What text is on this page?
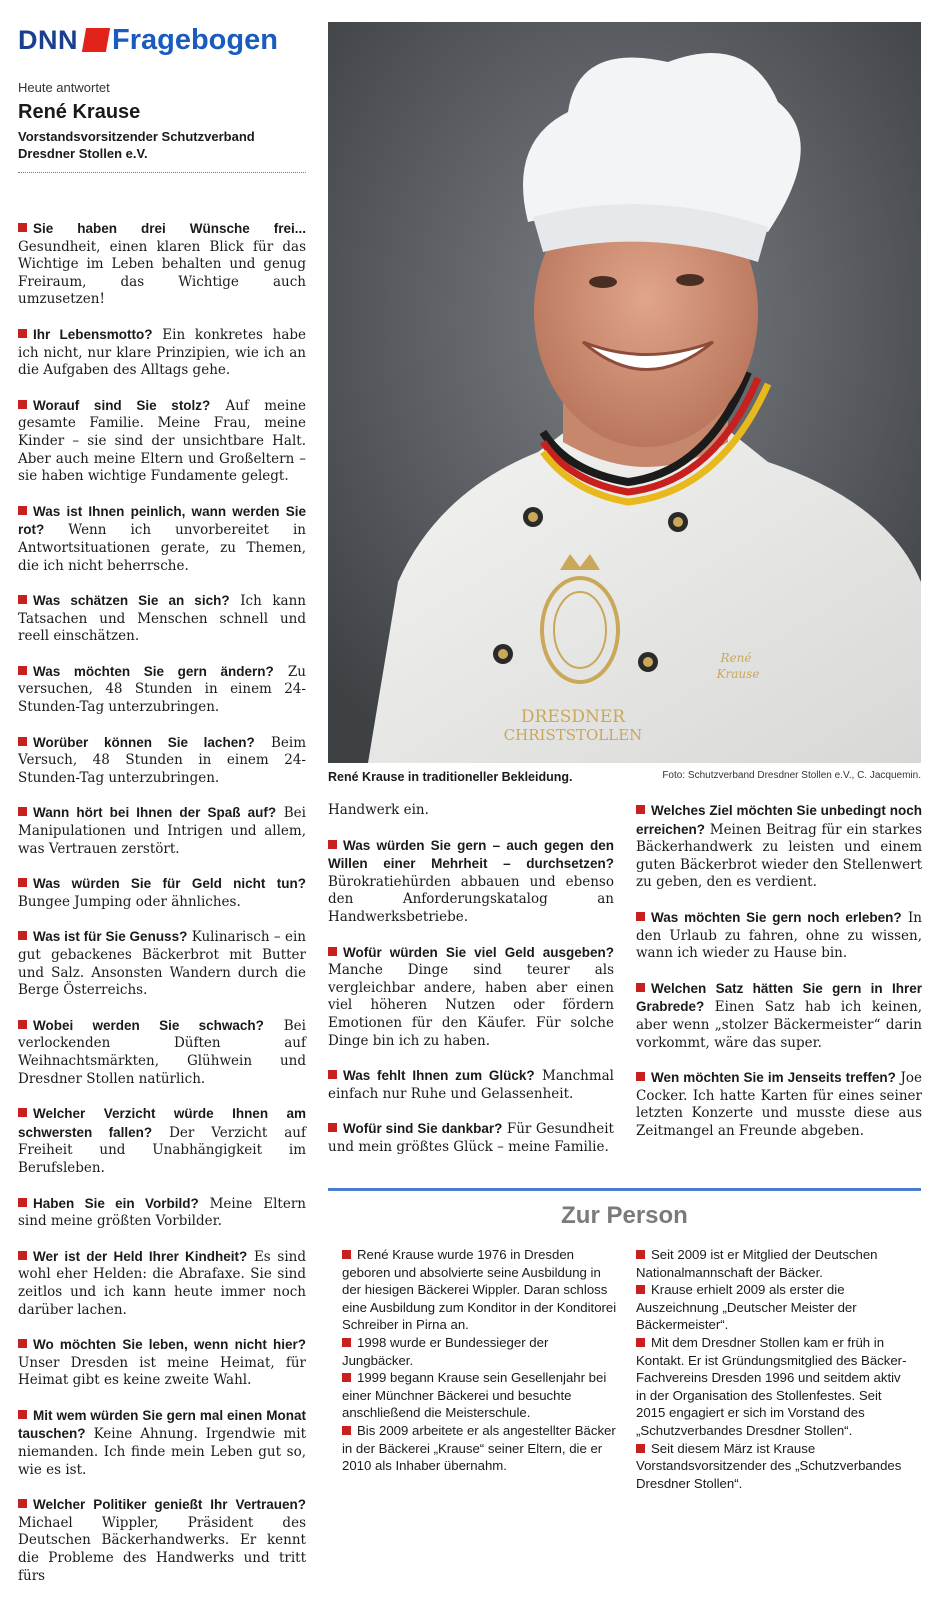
DNN Fragebogen
Heute antwortet
René Krause
Vorstandsvorsitzender Schutzverband Dresdner Stollen e.V.

Sie haben drei Wünsche frei... Gesundheit, einen klaren Blick für das Wichtige im Leben behalten und genug Freiraum, das Wichtige auch umzusetzen!

Ihr Lebensmotto? Ein konkretes habe ich nicht, nur klare Prinzipien, wie ich an die Aufgaben des Alltags gehe.

Worauf sind Sie stolz? Auf meine gesamte Familie. Meine Frau, meine Kinder – sie sind der unsichtbare Halt. Aber auch meine Eltern und Großeltern – sie haben wichtige Fundamente gelegt.

Was ist Ihnen peinlich, wann werden Sie rot? Wenn ich unvorbereitet in Antwortsituationen gerate, zu Themen, die ich nicht beherrsche.

Was schätzen Sie an sich? Ich kann Tatsachen und Menschen schnell und reell einschätzen.

Was möchten Sie gern ändern? Zu versuchen, 48 Stunden in einem 24-Stunden-Tag unterzubringen.

Worüber können Sie lachen? Beim Versuch, 48 Stunden in einem 24-Stunden-Tag unterzubringen.

Wann hört bei Ihnen der Spaß auf? Bei Manipulationen und Intrigen und allem, was Vertrauen zerstört.

Was würden Sie für Geld nicht tun? Bungee Jumping oder ähnliches.

Was ist für Sie Genuss? Kulinarisch – ein gut gebackenes Bäckerbrot mit Butter und Salz. Ansonsten Wandern durch die Berge Österreichs.

Wobei werden Sie schwach? Bei verlockenden Düften auf Weihnachtsmärkten, Glühwein und Dresdner Stollen natürlich.

Welcher Verzicht würde Ihnen am schwersten fallen? Der Verzicht auf Freiheit und Unabhängigkeit im Berufsleben.

Haben Sie ein Vorbild? Meine Eltern sind meine größten Vorbilder.

Wer ist der Held Ihrer Kindheit? Es sind wohl eher Helden: die Abrafaxe. Sie sind zeitlos und ich kann heute immer noch darüber lachen.

Wo möchten Sie leben, wenn nicht hier? Unser Dresden ist meine Heimat, für Heimat gibt es keine zweite Wahl.

Mit wem würden Sie gern mal einen Monat tauschen? Keine Ahnung. Irgendwie mit niemanden. Ich finde mein Leben gut so, wie es ist.

Welcher Politiker genießt Ihr Vertrauen? Michael Wippler, Präsident des Deutschen Bäckerhandwerks. Er kennt die Probleme des Handwerks und tritt fürs

DRESDNER
CHRISTSTOLLEN
René
Krause
René Krause in traditioneller Bekleidung.	Foto: Schutzverband Dresdner Stollen e.V., C. Jacquemin.
Handwerk ein.

Was würden Sie gern – auch gegen den Willen einer Mehrheit – durchsetzen? Bürokratiehürden abbauen und ebenso den Anforderungskatalog an Handwerksbetriebe.

Wofür würden Sie viel Geld ausgeben? Manche Dinge sind teurer als vergleichbar andere, haben aber einen viel höheren Nutzen oder fördern Emotionen für den Käufer. Für solche Dinge bin ich zu haben.

Was fehlt Ihnen zum Glück? Manchmal einfach nur Ruhe und Gelassenheit.

Wofür sind Sie dankbar? Für Gesundheit und mein größtes Glück – meine Familie.

Welches Ziel möchten Sie unbedingt noch erreichen? Meinen Beitrag für ein starkes Bäckerhandwerk zu leisten und einem guten Bäckerbrot wieder den Stellenwert zu geben, den es verdient.

Was möchten Sie gern noch erleben? In den Urlaub zu fahren, ohne zu wissen, wann ich wieder zu Hause bin.

Welchen Satz hätten Sie gern in Ihrer Grabrede? Einen Satz hab ich keinen, aber wenn „stolzer Bäckermeister“ darin vorkommt, wäre das super.

Wen möchten Sie im Jenseits treffen? Joe Cocker. Ich hatte Karten für eines seiner letzten Konzerte und musste diese aus Zeitmangel an Freunde abgeben.

Zur Person

René Krause wurde 1976 in Dresden geboren und absolvierte seine Ausbildung in der hiesigen Bäckerei Wippler. Daran schloss eine Ausbildung zum Konditor in der Konditorei Schreiber in Pirna an.

1998 wurde er Bundessieger der Jungbäcker.

1999 begann Krause sein Gesellenjahr bei einer Münchner Bäckerei und besuchte anschließend die Meisterschule.

Bis 2009 arbeitete er als angestellter Bäcker in der Bäckerei „Krause“ seiner Eltern, die er 2010 als Inhaber übernahm.

Seit 2009 ist er Mitglied der Deutschen Nationalmannschaft der Bäcker.

Krause erhielt 2009 als erster die Auszeichnung „Deutscher Meister der Bäckermeister“.

Mit dem Dresdner Stollen kam er früh in Kontakt. Er ist Gründungsmitglied des Bäcker-Fachvereins Dresden 1996 und seitdem aktiv in der Organisation des Stollenfestes. Seit 2015 engagiert er sich im Vorstand des „Schutzverbandes Dresdner Stollen“.

Seit diesem März ist Krause Vorstandsvorsitzender des „Schutzverbandes Dresdner Stollen“.
